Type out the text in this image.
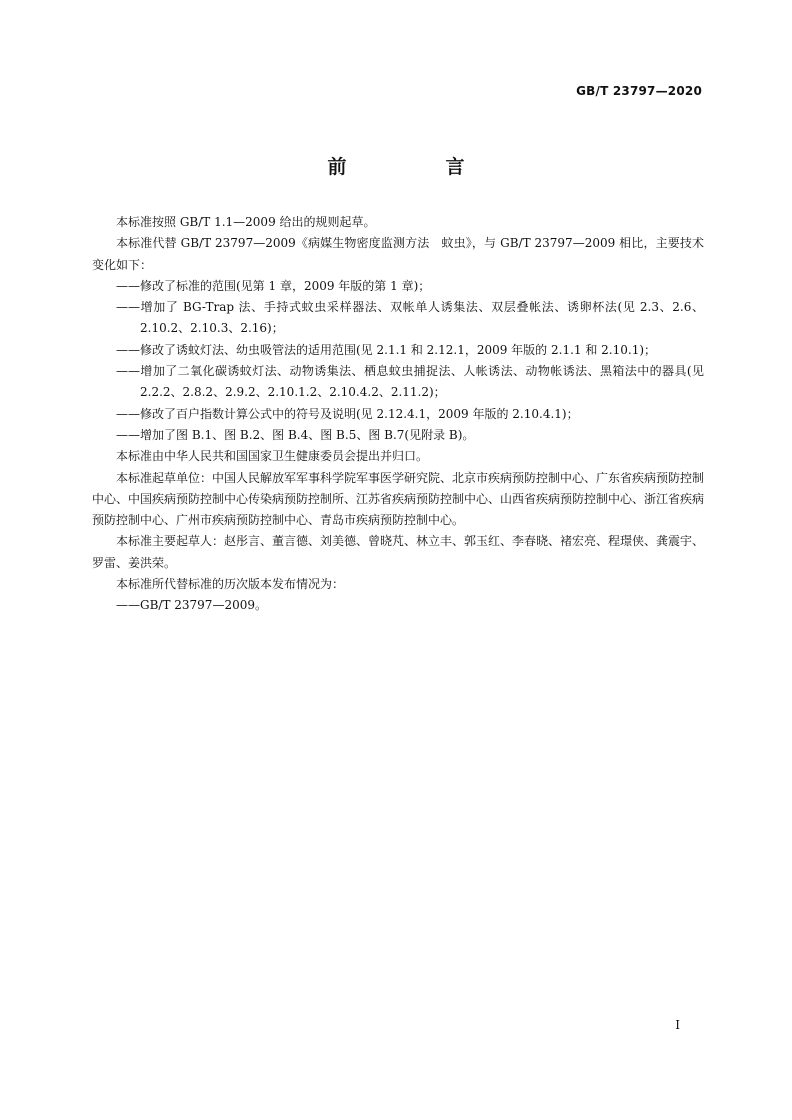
GB/T 23797—2020
前　言

本标准按照 GB/T 1.1—2009 给出的规则起草。

本标准代替 GB/T 23797—2009《病媒生物密度监测方法　蚊虫》，与 GB/T 23797—2009 相比，主要技术变化如下：

——修改了标准的范围(见第 1 章，2009 年版的第 1 章)；

——增加了 BG-Trap 法、手持式蚊虫采样器法、双帐单人诱集法、双层叠帐法、诱卵杯法(见 2.3、2.6、2.10.2、2.10.3、2.16)；

——修改了诱蚊灯法、幼虫吸管法的适用范围(见 2.1.1 和 2.12.1，2009 年版的 2.1.1 和 2.10.1)；

——增加了二氧化碳诱蚊灯法、动物诱集法、栖息蚊虫捕捉法、人帐诱法、动物帐诱法、黑箱法中的器具(见 2.2.2、2.8.2、2.9.2、2.10.1.2、2.10.4.2、2.11.2)；

——修改了百户指数计算公式中的符号及说明(见 2.12.4.1，2009 年版的 2.10.4.1)；

——增加了图 B.1、图 B.2、图 B.4、图 B.5、图 B.7(见附录 B)。

本标准由中华人民共和国国家卫生健康委员会提出并归口。

本标准起草单位：中国人民解放军军事科学院军事医学研究院、北京市疾病预防控制中心、广东省疾病预防控制中心、中国疾病预防控制中心传染病预防控制所、江苏省疾病预防控制中心、山西省疾病预防控制中心、浙江省疾病预防控制中心、广州市疾病预防控制中心、青岛市疾病预防控制中心。

本标准主要起草人：赵彤言、董言德、刘美德、曾晓芃、林立丰、郭玉红、李春晓、褚宏亮、程璟侠、龚震宇、罗雷、姜洪荣。

本标准所代替标准的历次版本发布情况为：

——GB/T 23797—2009。

I
